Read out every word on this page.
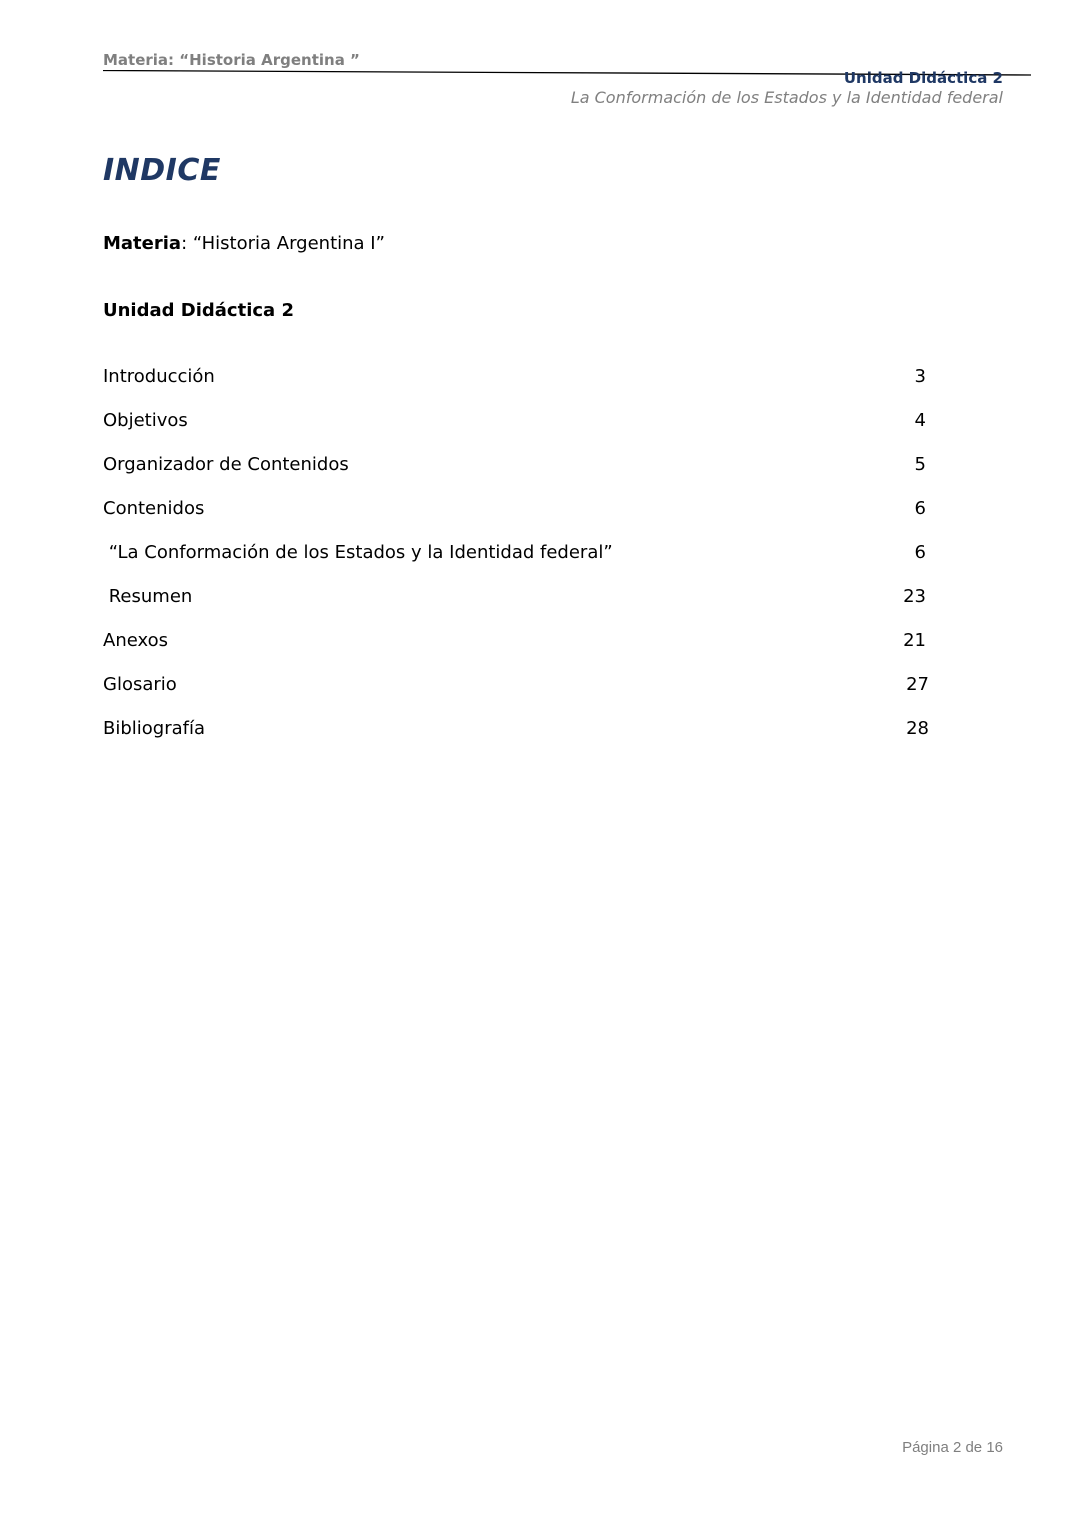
Materia: “Historia Argentina ”
Unidad Didáctica 2
La Conformación de los Estados y la Identidad federal
INDICE
Materia: “Historia Argentina I”
Unidad Didáctica 2
Introducción	3
Objetivos	4
Organizador de Contenidos	5
Contenidos	6
“La Conformación de los Estados y la Identidad federal”	6
Resumen	23
Anexos	21
Glosario	27
Bibliografía	28
Página 2 de 16
